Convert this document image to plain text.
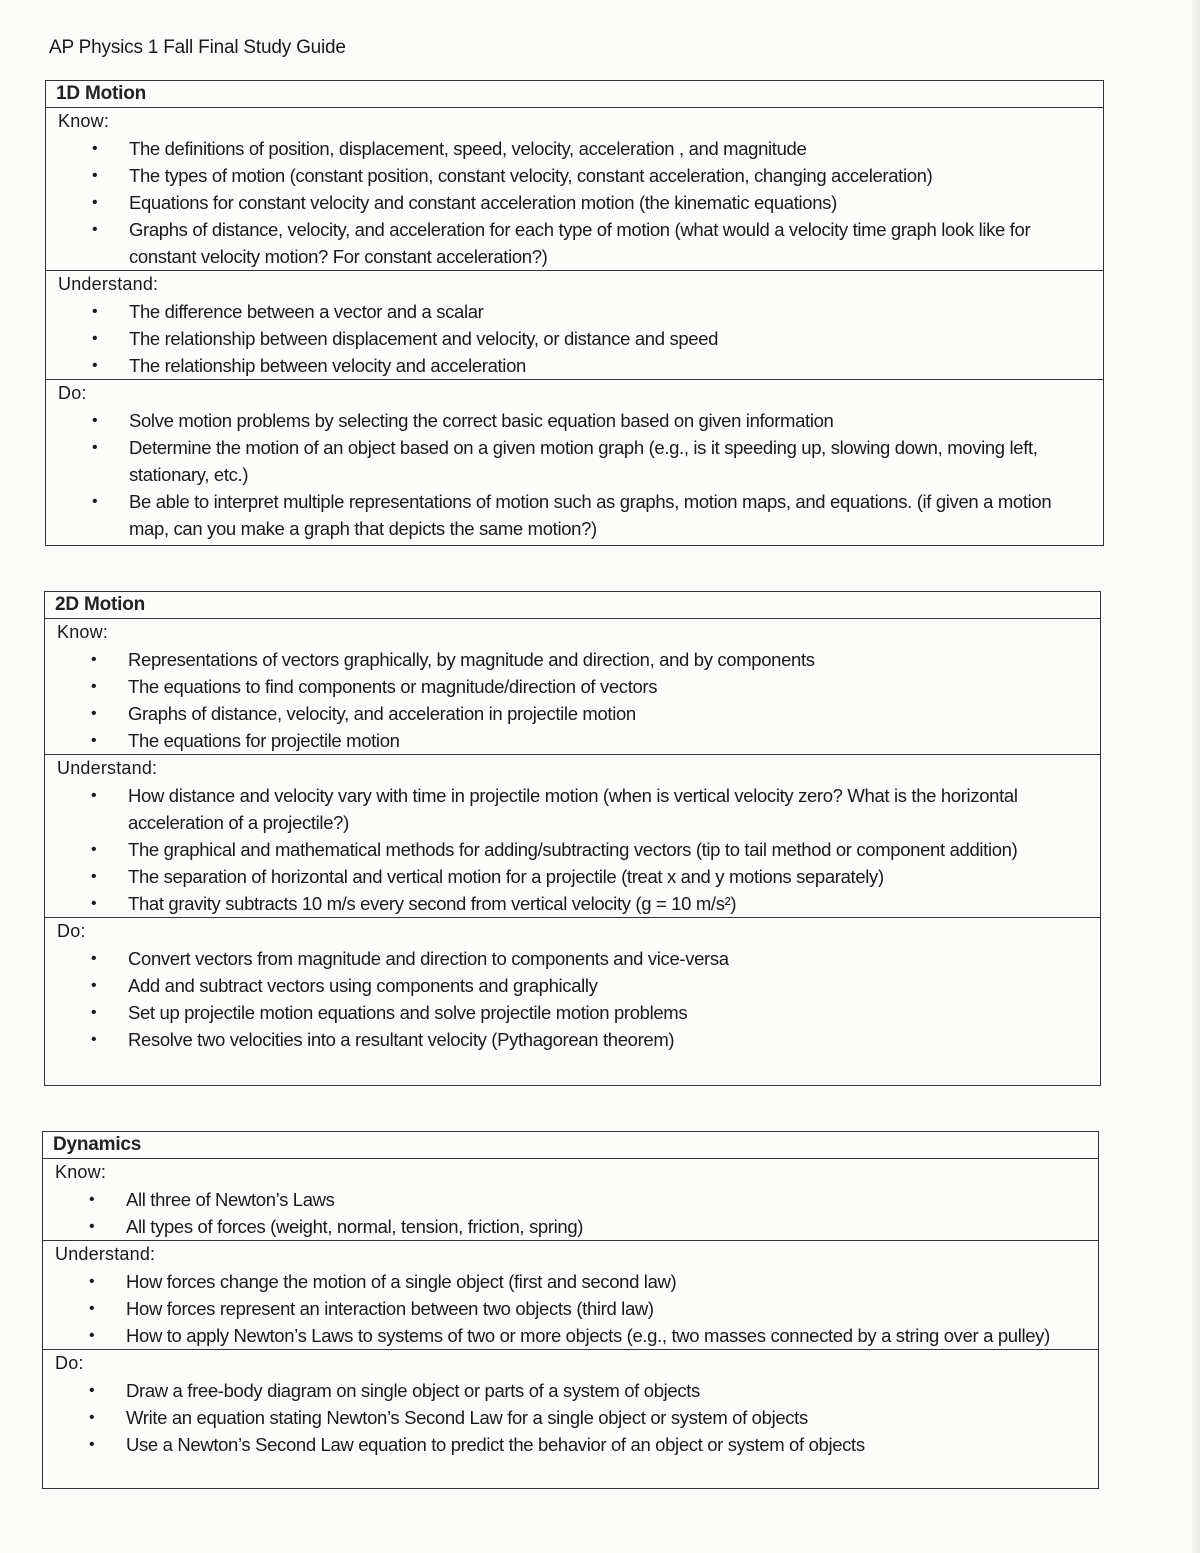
AP Physics 1 Fall Final Study Guide
1D Motion
Know:
• The definitions of position, displacement, speed, velocity, acceleration , and magnitude
• The types of motion (constant position, constant velocity, constant acceleration, changing acceleration)
• Equations for constant velocity and constant acceleration motion (the kinematic equations)
• Graphs of distance, velocity, and acceleration for each type of motion (what would a velocity time graph look like for constant velocity motion? For constant acceleration?)
Understand:
• The difference between a vector and a scalar
• The relationship between displacement and velocity, or distance and speed
• The relationship between velocity and acceleration
Do:
• Solve motion problems by selecting the correct basic equation based on given information
• Determine the motion of an object based on a given motion graph (e.g., is it speeding up, slowing down, moving left, stationary, etc.)
• Be able to interpret multiple representations of motion such as graphs, motion maps, and equations. (if given a motion map, can you make a graph that depicts the same motion?)
2D Motion
Know:
• Representations of vectors graphically, by magnitude and direction, and by components
• The equations to find components or magnitude/direction of vectors
• Graphs of distance, velocity, and acceleration in projectile motion
• The equations for projectile motion
Understand:
• How distance and velocity vary with time in projectile motion (when is vertical velocity zero? What is the horizontal acceleration of a projectile?)
• The graphical and mathematical methods for adding/subtracting vectors (tip to tail method or component addition)
• The separation of horizontal and vertical motion for a projectile (treat x and y motions separately)
• That gravity subtracts 10 m/s every second from vertical velocity (g = 10 m/s²)
Do:
• Convert vectors from magnitude and direction to components and vice-versa
• Add and subtract vectors using components and graphically
• Set up projectile motion equations and solve projectile motion problems
• Resolve two velocities into a resultant velocity (Pythagorean theorem)
Dynamics
Know:
• All three of Newton’s Laws
• All types of forces (weight, normal, tension, friction, spring)
Understand:
• How forces change the motion of a single object (first and second law)
• How forces represent an interaction between two objects (third law)
• How to apply Newton’s Laws to systems of two or more objects (e.g., two masses connected by a string over a pulley)
Do:
• Draw a free-body diagram on single object or parts of a system of objects
• Write an equation stating Newton’s Second Law for a single object or system of objects
• Use a Newton’s Second Law equation to predict the behavior of an object or system of objects
